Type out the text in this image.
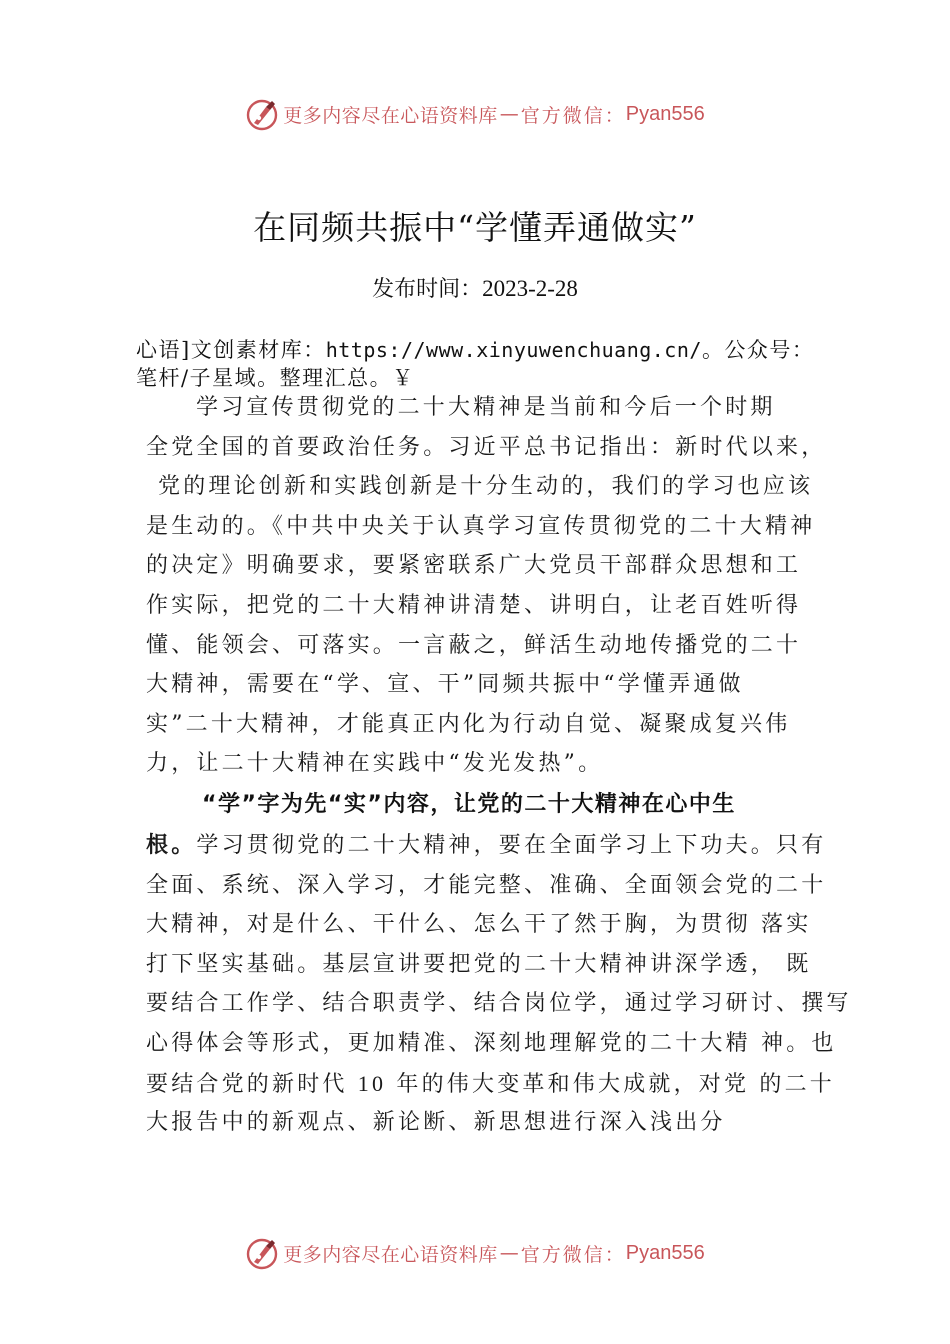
更多内容尽在心语资料库 — 官方微信： Pyan556
在同频共振中“学懂弄通做实”
发布时间：2023-2-28
心语]文创素材库：https://www.xinyuwenchuang.cn/。公众号：
笔杆/子星域。整理汇总。￥
学习宣传贯彻党的二十大精神是当前和今后一个时期
全党全国的首要政治任务。习近平总书记指出：新时代以来，
党的理论创新和实践创新是十分生动的，我们的学习也应该
是生动的。《中共中央关于认真学习宣传贯彻党的二十大精神
的决定》明确要求，要紧密联系广大党员干部群众思想和工
作实际，把党的二十大精神讲清楚、讲明白，让老百姓听得
懂、能领会、可落实。一言蔽之，鲜活生动地传播党的二十
大精神，需要在“学、宣、干”同频共振中“学懂弄通做
实”二十大精神，才能真正内化为行动自觉、凝聚成复兴伟
力，让二十大精神在实践中“发光发热”。
“学”字为先“实”内容，让党的二十大精神在心中生
根。学习贯彻党的二十大精神，要在全面学习上下功夫。只有
全面、系统、深入学习，才能完整、准确、全面领会党的二十
大精神，对是什么、干什么、怎么干了然于胸，为贯彻 落实
打下坚实基础。基层宣讲要把党的二十大精神讲深学透， 既
要结合工作学、结合职责学、结合岗位学，通过学习研讨、撰写
心得体会等形式，更加精准、深刻地理解党的二十大精 神。也
要结合党的新时代 10 年的伟大变革和伟大成就，对党 的二十
大报告中的新观点、新论断、新思想进行深入浅出分
更多内容尽在心语资料库 — 官方微信： Pyan556
